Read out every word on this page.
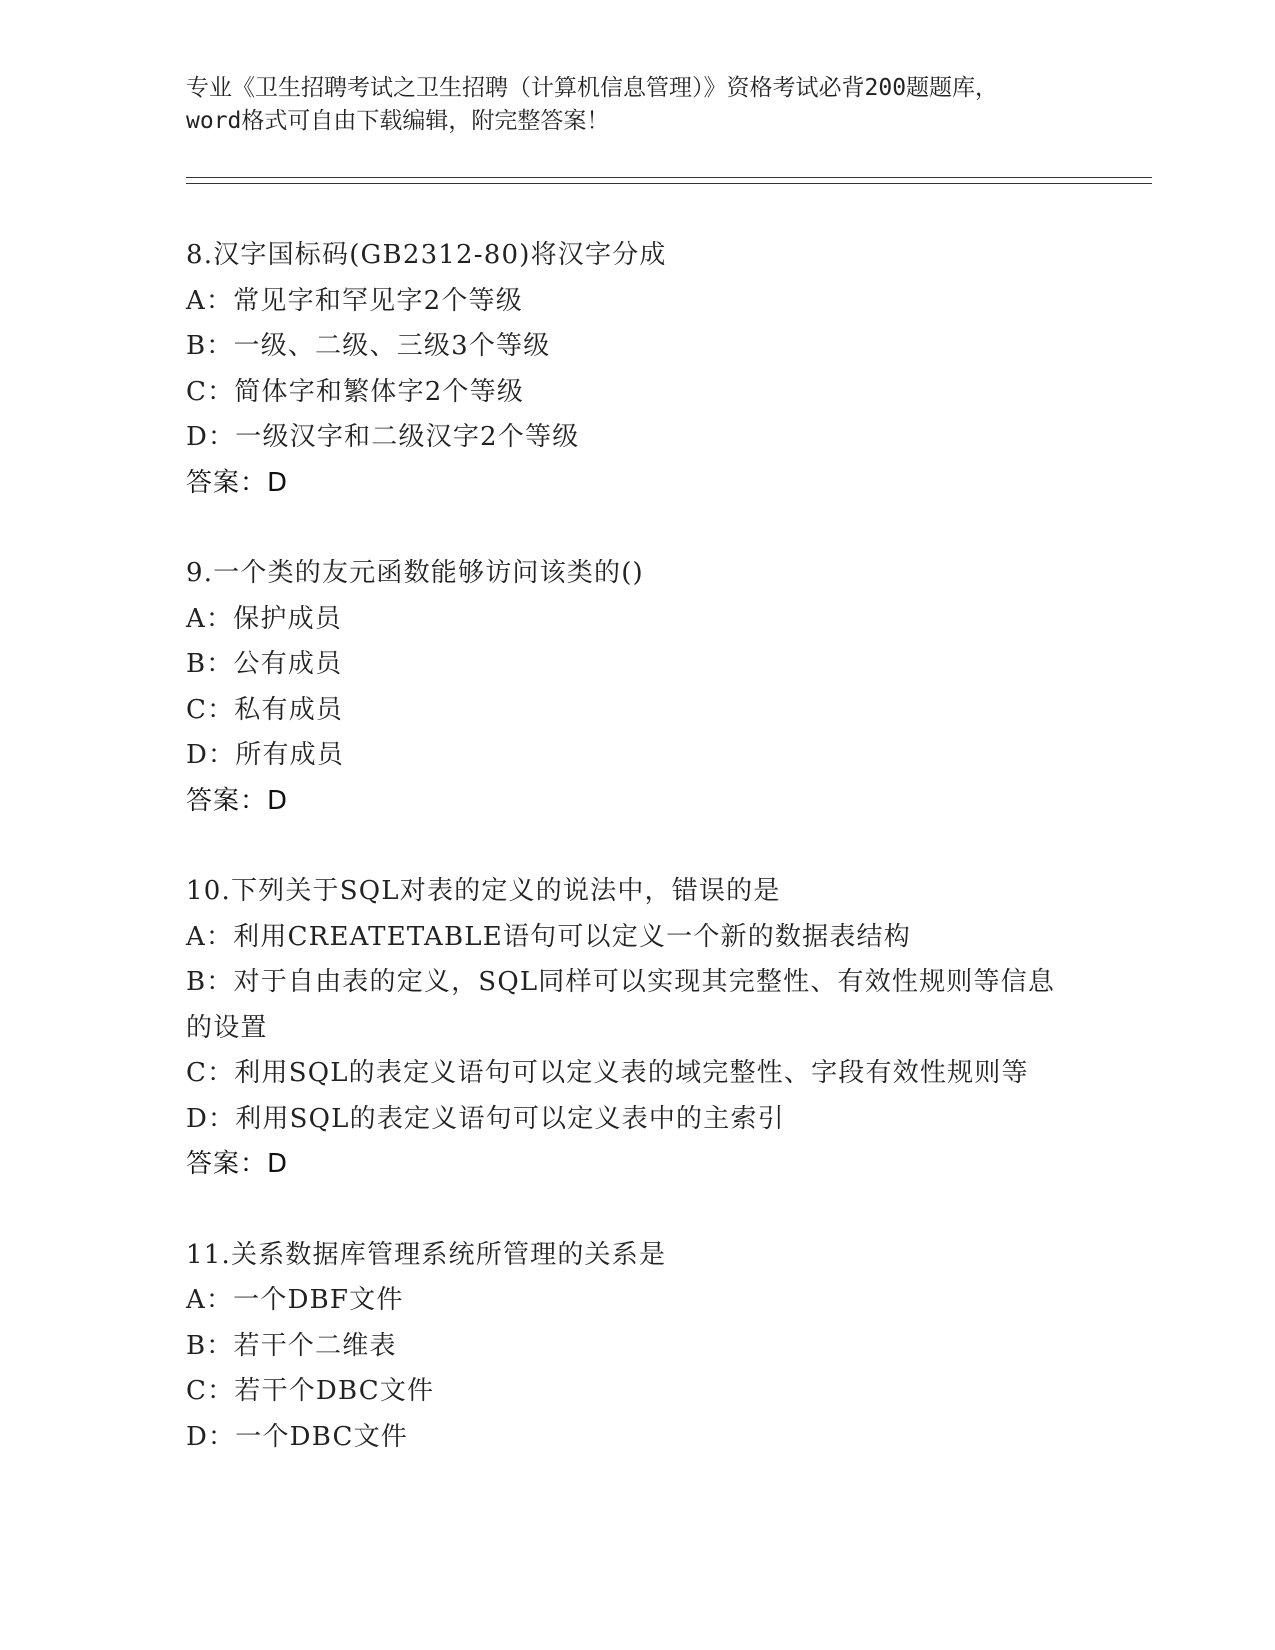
专业《卫生招聘考试之卫生招聘（计算机信息管理）》资格考试必背200题题库，
word格式可自由下载编辑，附完整答案！
8.汉字国标码(GB2312-80)将汉字分成
A：常见字和罕见字2个等级
B：一级、二级、三级3个等级
C：简体字和繁体字2个等级
D：一级汉字和二级汉字2个等级
答案：D
9.一个类的友元函数能够访问该类的()
A：保护成员
B：公有成员
C：私有成员
D：所有成员
答案：D
10.下列关于SQL对表的定义的说法中，错误的是
A：利用CREATETABLE语句可以定义一个新的数据表结构
B：对于自由表的定义，SQL同样可以实现其完整性、有效性规则等信息的设置
C：利用SQL的表定义语句可以定义表的域完整性、字段有效性规则等
D：利用SQL的表定义语句可以定义表中的主索引
答案：D
11.关系数据库管理系统所管理的关系是
A：一个DBF文件
B：若干个二维表
C：若干个DBC文件
D：一个DBC文件
